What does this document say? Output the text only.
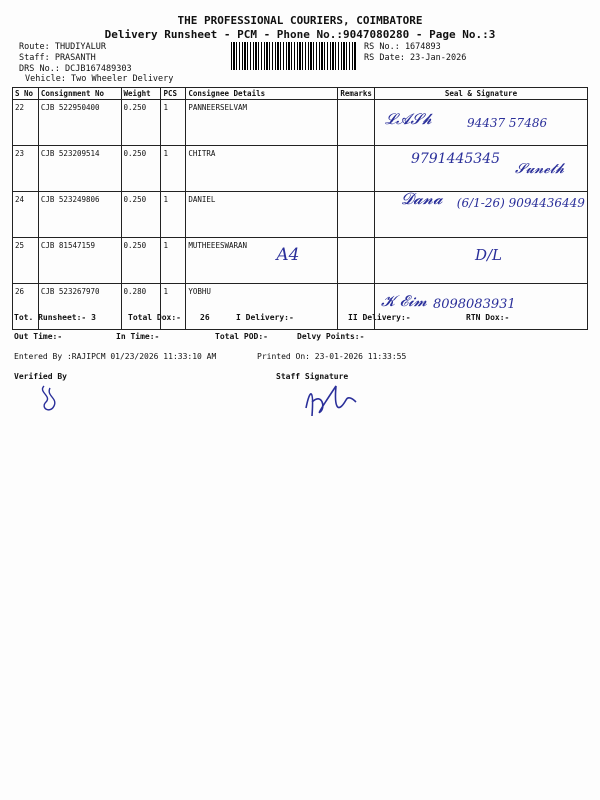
THE PROFESSIONAL COURIERS, COIMBATORE
Delivery Runsheet - PCM - Phone No.:9047080280 - Page No.:3
Route: THUDIYALUR
Staff: PRASANTH
DRS No.: DCJB167489303
Vehicle: Two Wheeler Delivery
RS No.: 1674893
RS Date: 23-Jan-2026
S No	Consignment No	Weight	PCS	Consignee Details	Remarks	Seal & Signature
22	CJB 522950400	0.250	1	PANNEERSELVAM		𝓛𝓐𝓢𝓱 94437 57486

23	CJB 523209514	0.250	1	CHITRA		9791445345
𝓢𝓾𝓷𝓮𝓽𝓱

24	CJB 523249806	0.250	1	DANIEL		𝓓𝓪𝓷𝓪 (6/1-26) 9094436449

25	CJB 81547159	0.250	1	MUTHEEESWARAN A4		D/L

26	CJB 523267970	0.280	1	YOBHU		𝓚 𝓔𝓲𝓶 8098083931
Tot. Runsheet:- 3	Total Dox:- 26	I Delivery:-	II Delivery:-	RTN Dox:-
Out Time:-	In Time:-	Total POD:-	Delvy Points:-
Entered By :RAJIPCM 01/23/2026 11:33:10 AM	Printed On: 23-01-2026 11:33:55
Verified By	Staff Signature
